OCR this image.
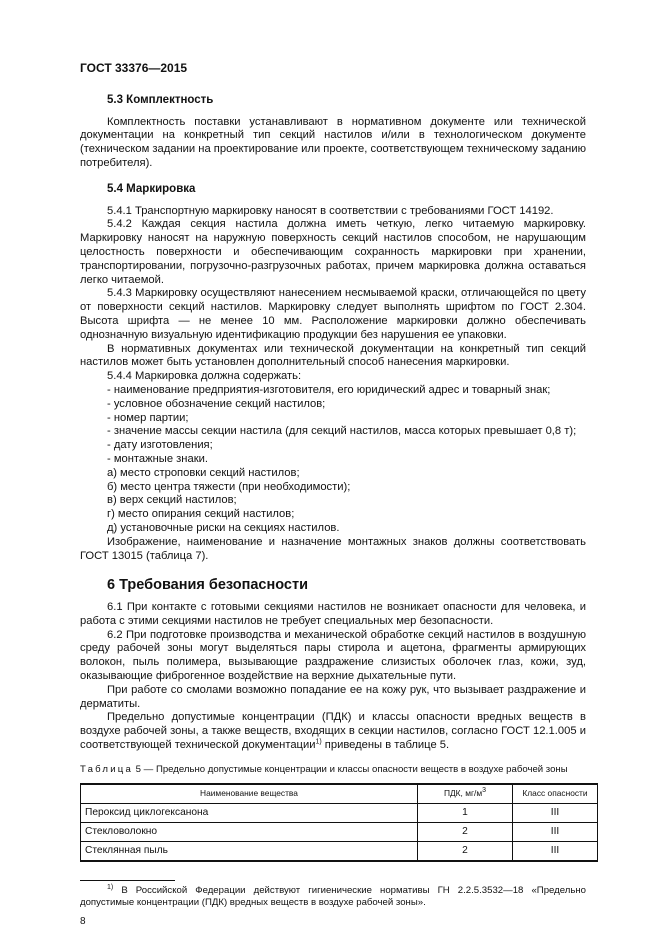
ГОСТ 33376—2015
5.3 Комплектность

Комплектность поставки устанавливают в нормативном документе или технической документации на конкретный тип секций настилов и/или в технологическом документе (техническом задании на проектирование или проекте, соответствующем техническому заданию потребителя).

5.4 Маркировка

5.4.1 Транспортную маркировку наносят в соответствии с требованиями ГОСТ 14192.

5.4.2 Каждая секция настила должна иметь четкую, легко читаемую маркировку. Маркировку наносят на наружную поверхность секций настилов способом, не нарушающим целостность поверхности и обеспечивающим сохранность маркировки при хранении, транспортировании, погрузочно-разгрузочных работах, причем маркировка должна оставаться легко читаемой.

5.4.3 Маркировку осуществляют нанесением несмываемой краски, отличающейся по цвету от поверхности секций настилов. Маркировку следует выполнять шрифтом по ГОСТ 2.304. Высота шрифта — не менее 10 мм. Расположение маркировки должно обеспечивать однозначную визуальную идентификацию продукции без нарушения ее упаковки.

В нормативных документах или технической документации на конкретный тип секций настилов может быть установлен дополнительный способ нанесения маркировки.

5.4.4 Маркировка должна содержать:

- наименование предприятия-изготовителя, его юридический адрес и товарный знак;

- условное обозначение секций настилов;

- номер партии;

- значение массы секции настила (для секций настилов, масса которых превышает 0,8 т);

- дату изготовления;

- монтажные знаки.

а) место строповки секций настилов;

б) место центра тяжести (при необходимости);

в) верх секций настилов;

г) место опирания секций настилов;

д) установочные риски на секциях настилов.

Изображение, наименование и назначение монтажных знаков должны соответствовать ГОСТ 13015 (таблица 7).

6 Требования безопасности

6.1 При контакте с готовыми секциями настилов не возникает опасности для человека, и работа с этими секциями настилов не требует специальных мер безопасности.

6.2 При подготовке производства и механической обработке секций настилов в воздушную среду рабочей зоны могут выделяться пары стирола и ацетона, фрагменты армирующих волокон, пыль полимера, вызывающие раздражение слизистых оболочек глаз, кожи, зуд, оказывающие фиброгенное воздействие на верхние дыхательные пути.

При работе со смолами возможно попадание ее на кожу рук, что вызывает раздражение и дерматиты.

Предельно допустимые концентрации (ПДК) и классы опасности вредных веществ в воздухе рабочей зоны, а также веществ, входящих в секции настилов, согласно ГОСТ 12.1.005 и соответствующей технической документации$^{1)}$ приведены в таблице 5.

Таблица 5 — Предельно допустимые концентрации и классы опасности веществ в воздухе рабочей зоны
Наименование вещества	ПДК, $мг/м^3$	Класс опасности
Пероксид циклогексанона	1	III
Стекловолокно	2	III
Стеклянная пыль	2	III

$^{1)}$ В Российской Федерации действуют гигиенические нормативы ГН 2.2.5.3532—18 «Предельно допустимые концентрации (ПДК) вредных веществ в воздухе рабочей зоны».

8
